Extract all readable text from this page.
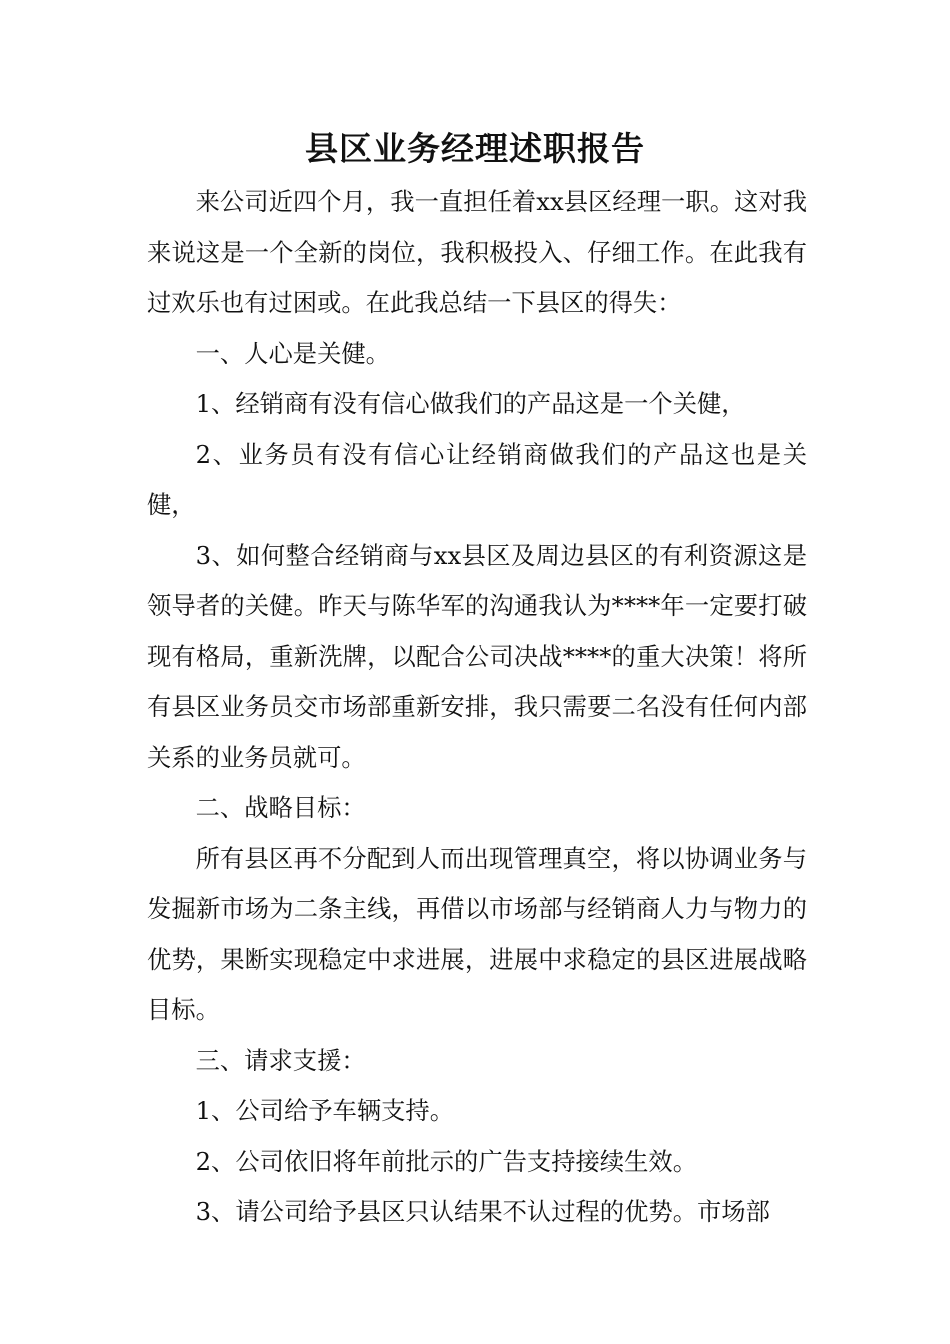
县区业务经理述职报告

来公司近四个月，我一直担任着xx县区经理一职。这对我来说这是一个全新的岗位，我积极投入、仔细工作。在此我有过欢乐也有过困或。在此我总结一下县区的得失：

一、人心是关健。

1、经销商有没有信心做我们的产品这是一个关健，

2、业务员有没有信心让经销商做我们的产品这也是关健，

3、如何整合经销商与xx县区及周边县区的有利资源这是领导者的关健。昨天与陈华军的沟通我认为****年一定要打破现有格局，重新洗牌，以配合公司决战****的重大决策！将所有县区业务员交市场部重新安排，我只需要二名没有任何内部关系的业务员就可。

二、战略目标：

所有县区再不分配到人而出现管理真空，将以协调业务与发掘新市场为二条主线，再借以市场部与经销商人力与物力的优势，果断实现稳定中求进展，进展中求稳定的县区进展战略目标。

三、请求支援：

1、公司给予车辆支持。

2、公司依旧将年前批示的广告支持接续生效。

3、请公司给予县区只认结果不认过程的优势。市场部
